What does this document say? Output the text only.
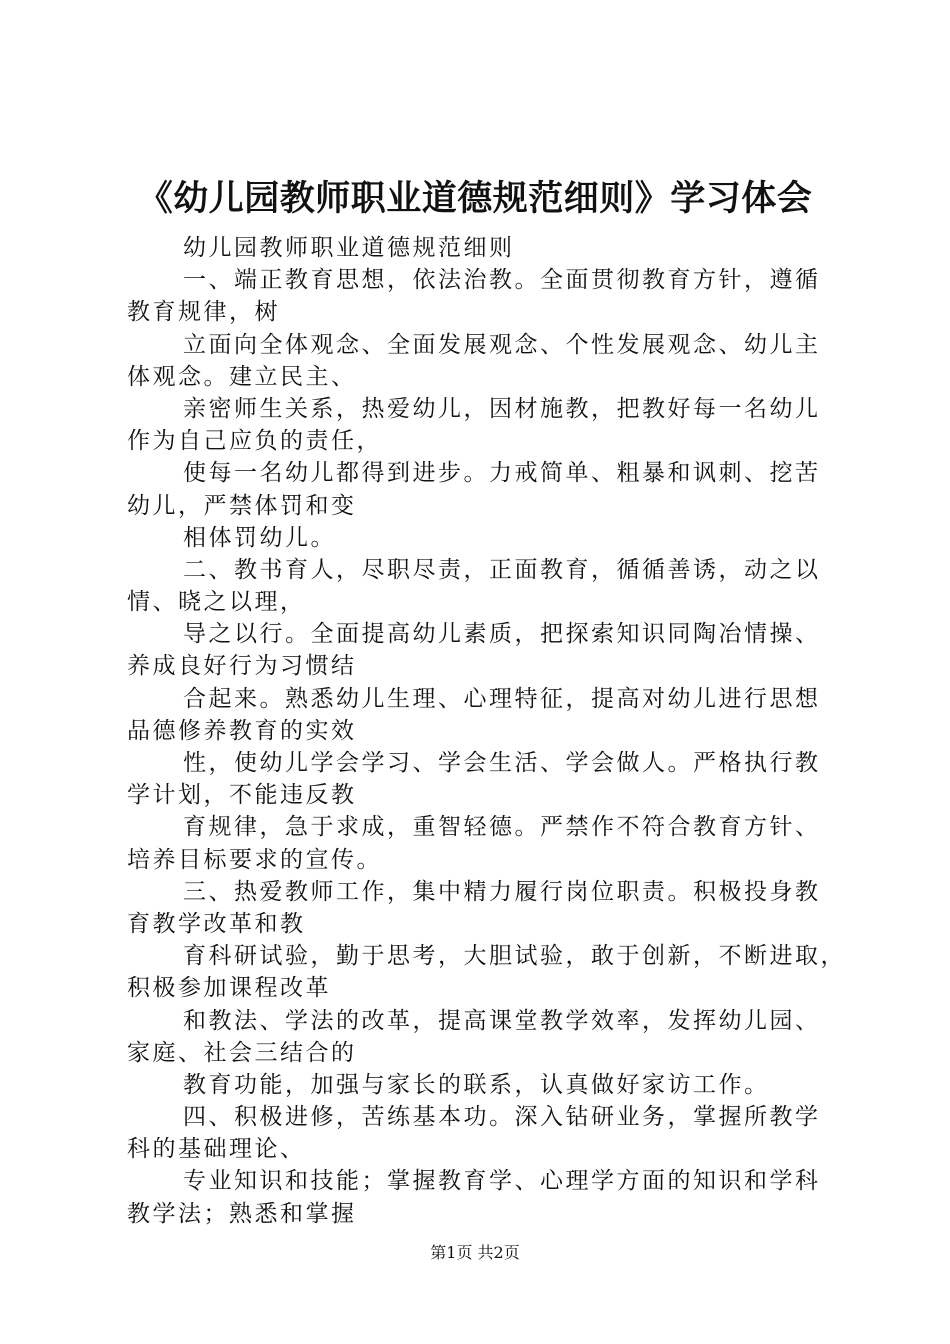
《幼儿园教师职业道德规范细则》学习体会
幼儿园教师职业道德规范细则
一、端正教育思想，依法治教。全面贯彻教育方针，遵循
教育规律，树
立面向全体观念、全面发展观念、个性发展观念、幼儿主
体观念。建立民主、
亲密师生关系，热爱幼儿，因材施教，把教好每一名幼儿
作为自己应负的责任，
使每一名幼儿都得到进步。力戒简单、粗暴和讽刺、挖苦
幼儿，严禁体罚和变
相体罚幼儿。
二、教书育人，尽职尽责，正面教育，循循善诱，动之以
情、晓之以理，
导之以行。全面提高幼儿素质，把探索知识同陶冶情操、
养成良好行为习惯结
合起来。熟悉幼儿生理、心理特征，提高对幼儿进行思想
品德修养教育的实效
性，使幼儿学会学习、学会生活、学会做人。严格执行教
学计划，不能违反教
育规律，急于求成，重智轻德。严禁作不符合教育方针、
培养目标要求的宣传。
三、热爱教师工作，集中精力履行岗位职责。积极投身教
育教学改革和教
育科研试验，勤于思考，大胆试验，敢于创新，不断进取，
积极参加课程改革
和教法、学法的改革，提高课堂教学效率，发挥幼儿园、
家庭、社会三结合的
教育功能，加强与家长的联系，认真做好家访工作。
四、积极进修，苦练基本功。深入钻研业务，掌握所教学
科的基础理论、
专业知识和技能；掌握教育学、心理学方面的知识和学科
教学法；熟悉和掌握
第1页 共2页
